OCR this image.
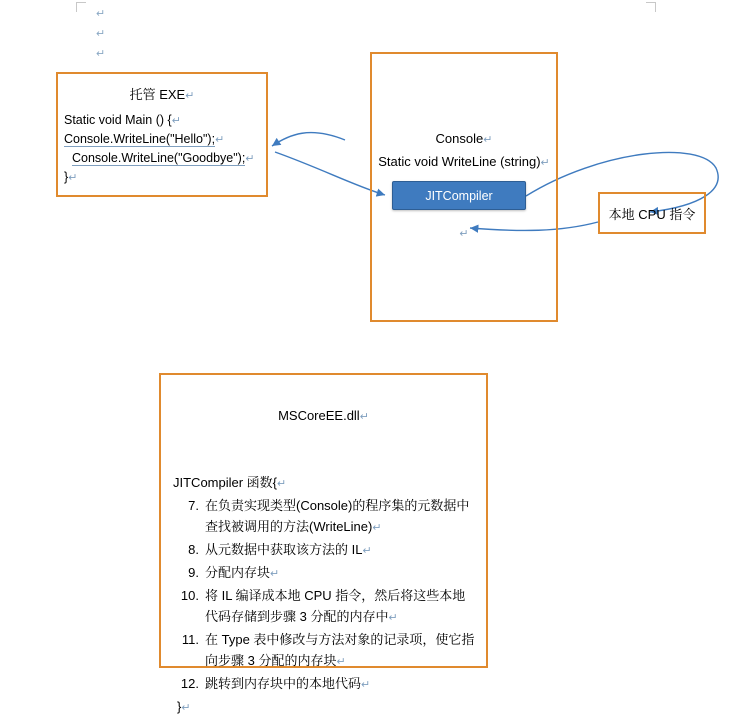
↵
↵
↵
托管 EXE↵
Static void Main () {↵
Console.WriteLine("Hello");↵
Console.WriteLine("Goodbye");↵
}↵
Console↵
Static void WriteLine (string)↵
↵
JITCompiler
本地 CPU 指令
MSCoreEE.dll↵
JITCompiler 函数{↵
7. 在负责实现类型(Console)的程序集的元数据中查找被调用的方法(WriteLine)↵
8. 从元数据中获取该方法的 IL↵
9. 分配内存块↵
10. 将 IL 编译成本地 CPU 指令，然后将这些本地代码存储到步骤 3 分配的内存中↵
11. 在 Type 表中修改与方法对象的记录项，使它指向步骤 3 分配的内存块↵
12. 跳转到内存块中的本地代码↵
}↵
